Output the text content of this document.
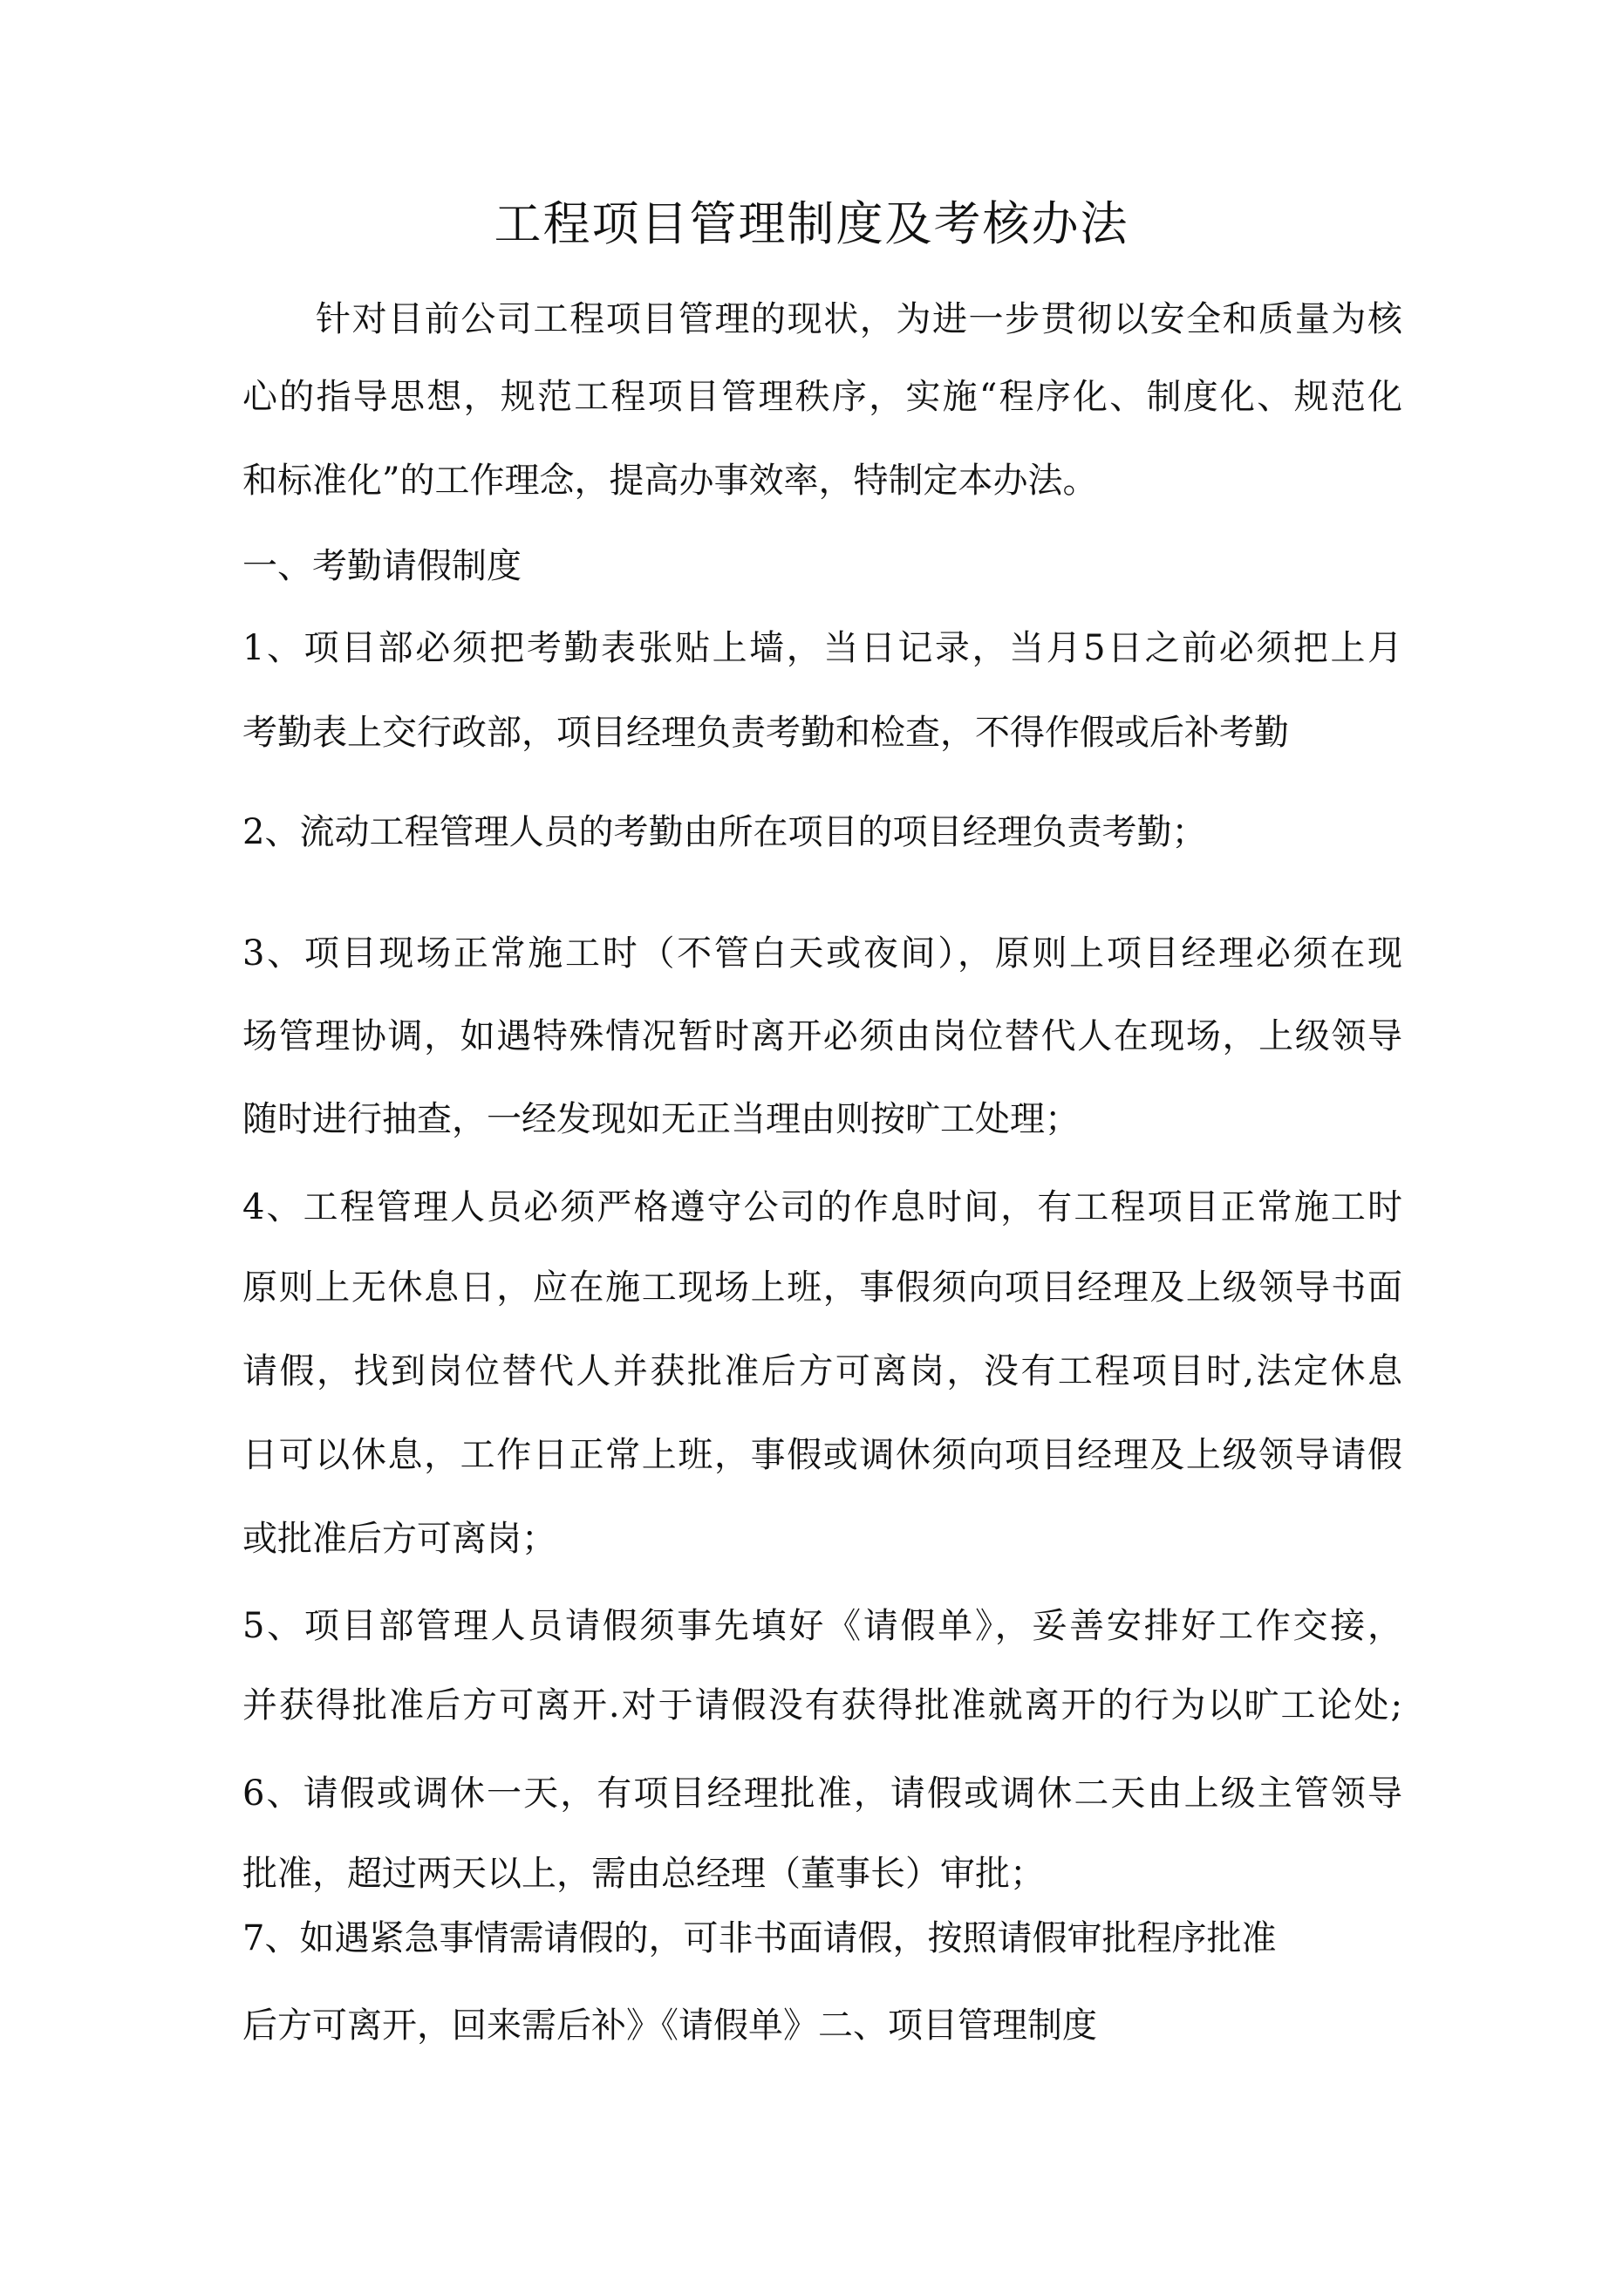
工程项目管理制度及考核办法

针对目前公司工程项目管理的现状，为进一步贯彻以安全和质量为核

心的指导思想，规范工程项目管理秩序，实施“程序化、制度化、规范化

和标准化”的工作理念，提高办事效率，特制定本办法。

一、考勤请假制度

1、项目部必须把考勤表张贴上墙，当日记录，当月5日之前必须把上月

考勤表上交行政部，项目经理负责考勤和检查，不得作假或后补考勤

2、流动工程管理人员的考勤由所在项目的项目经理负责考勤；

3、项目现场正常施工时（不管白天或夜间），原则上项目经理必须在现

场管理协调，如遇特殊情况暂时离开必须由岗位替代人在现场，上级领导

随时进行抽查，一经发现如无正当理由则按旷工处理；

4、工程管理人员必须严格遵守公司的作息时间，有工程项目正常施工时

原则上无休息日，应在施工现场上班，事假须向项目经理及上级领导书面

请假，找到岗位替代人并获批准后方可离岗，没有工程项目时,法定休息

日可以休息，工作日正常上班，事假或调休须向项目经理及上级领导请假

或批准后方可离岗；

5、项目部管理人员请假须事先填好《请假单》，妥善安排好工作交接，

并获得批准后方可离开.对于请假没有获得批准就离开的行为以旷工论处;

6、请假或调休一天，有项目经理批准，请假或调休二天由上级主管领导

批准，超过两天以上，需由总经理（董事长）审批；

7、如遇紧急事情需请假的，可非书面请假，按照请假审批程序批准

后方可离开，回来需后补》《请假单》二、项目管理制度
